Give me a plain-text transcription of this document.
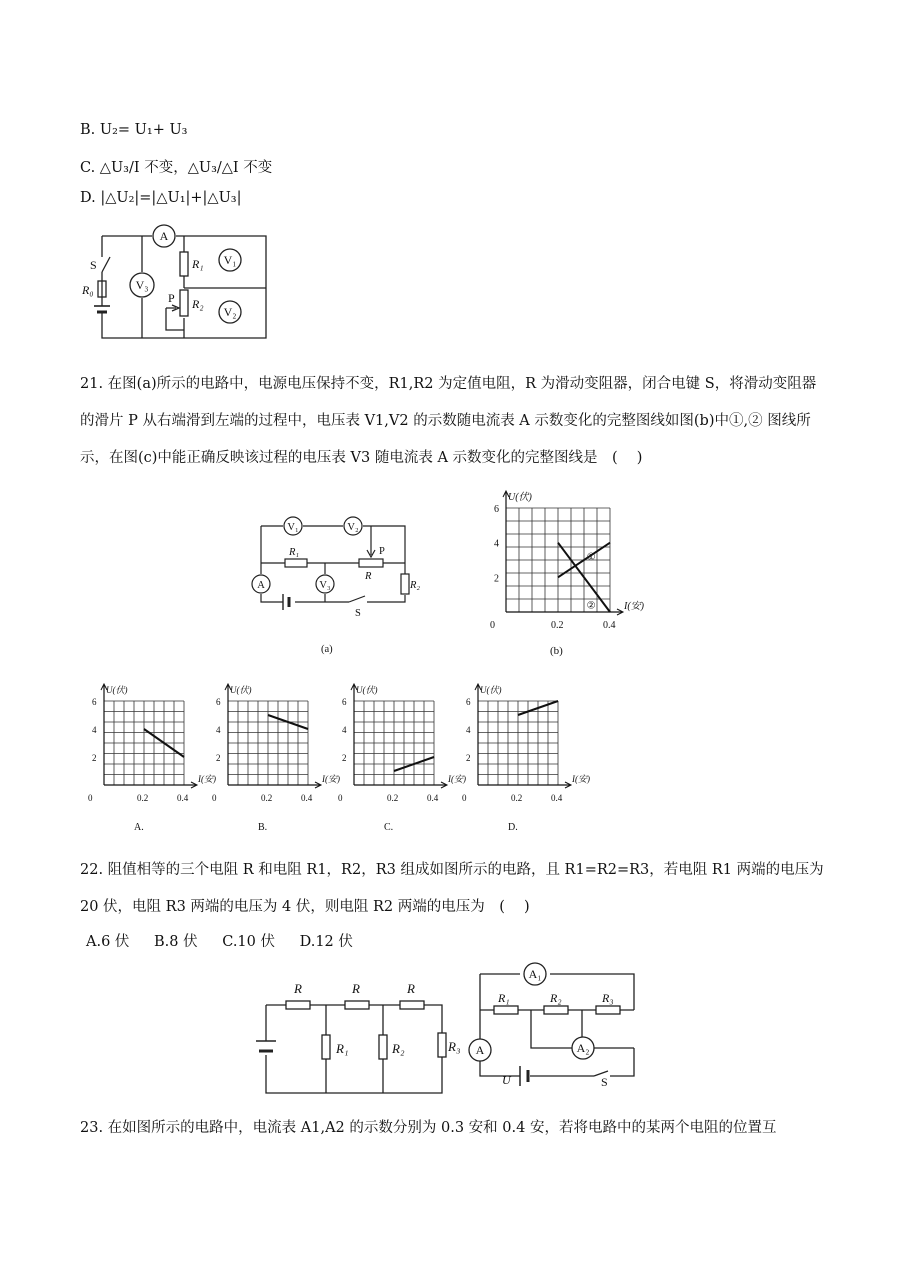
B. U₂= U₁+ U₃
C. △U₃/I 不变，△U₃/△I 不变
D. |△U₂|=|△U₁|+|△U₃|
A
V₃
V₁
V₂
S
R₀
R₁
R₂
P
21. 在图(a)所示的电路中，电源电压保持不变，R1,R2 为定值电阻，R 为滑动变阻器，闭合电键 S，将滑动变阻器的滑片 P 从右端滑到左端的过程中，电压表 V1,V2 的示数随电流表 A 示数变化的完整图线如图(b)中①,② 图线所示，在图(c)中能正确反映该过程的电压表 V3 随电流表 A 示数变化的完整图线是　(　 )
V₁	V₂
A	V₃
R₁
R
R₂
P
S
(a)
U(伏)
I(安)
6
4
2
0	0.2	0.4
①
②
(b)
U(伏)
I(安)
6
4
2
0	0.2	0.4
A.
U(伏)
I(安)
6
4
2
0	0.2	0.4
B.
U(伏)
I(安)
6
4
2
0	0.2	0.4
C.
U(伏)
I(安)
6
4
2
0	0.2	0.4
D.
22. 阻值相等的三个电阻 R 和电阻 R1，R2，R3 组成如图所示的电路，且 R1=R2=R3，若电阻 R1 两端的电压为 20 伏，电阻 R3 两端的电压为 4 伏，则电阻 R2 两端的电压为　(　 )
A.6 伏 B.8 伏 C.10 伏 D.12 伏
R	R	R
R₁	R₂	R₃
A₁
A₂
A
R₁	R₂	R₃
U	S
23. 在如图所示的电路中，电流表 A1,A2 的示数分别为 0.3 安和 0.4 安，若将电路中的某两个电阻的位置互
